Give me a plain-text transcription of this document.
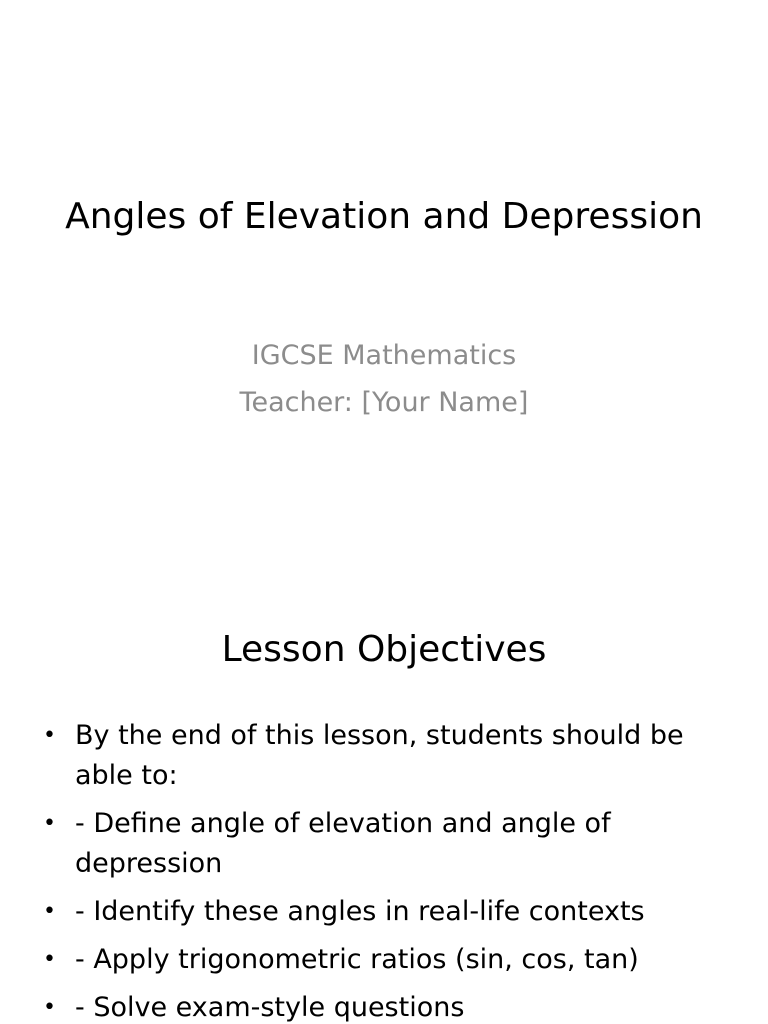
Angles of Elevation and Depression
IGCSE Mathematics
Teacher: [Your Name]
Lesson Objectives
• By the end of this lesson, students should be able to:
• - Define angle of elevation and angle of depression
• - Identify these angles in real-life contexts
• - Apply trigonometric ratios (sin, cos, tan)
• - Solve exam-style questions
